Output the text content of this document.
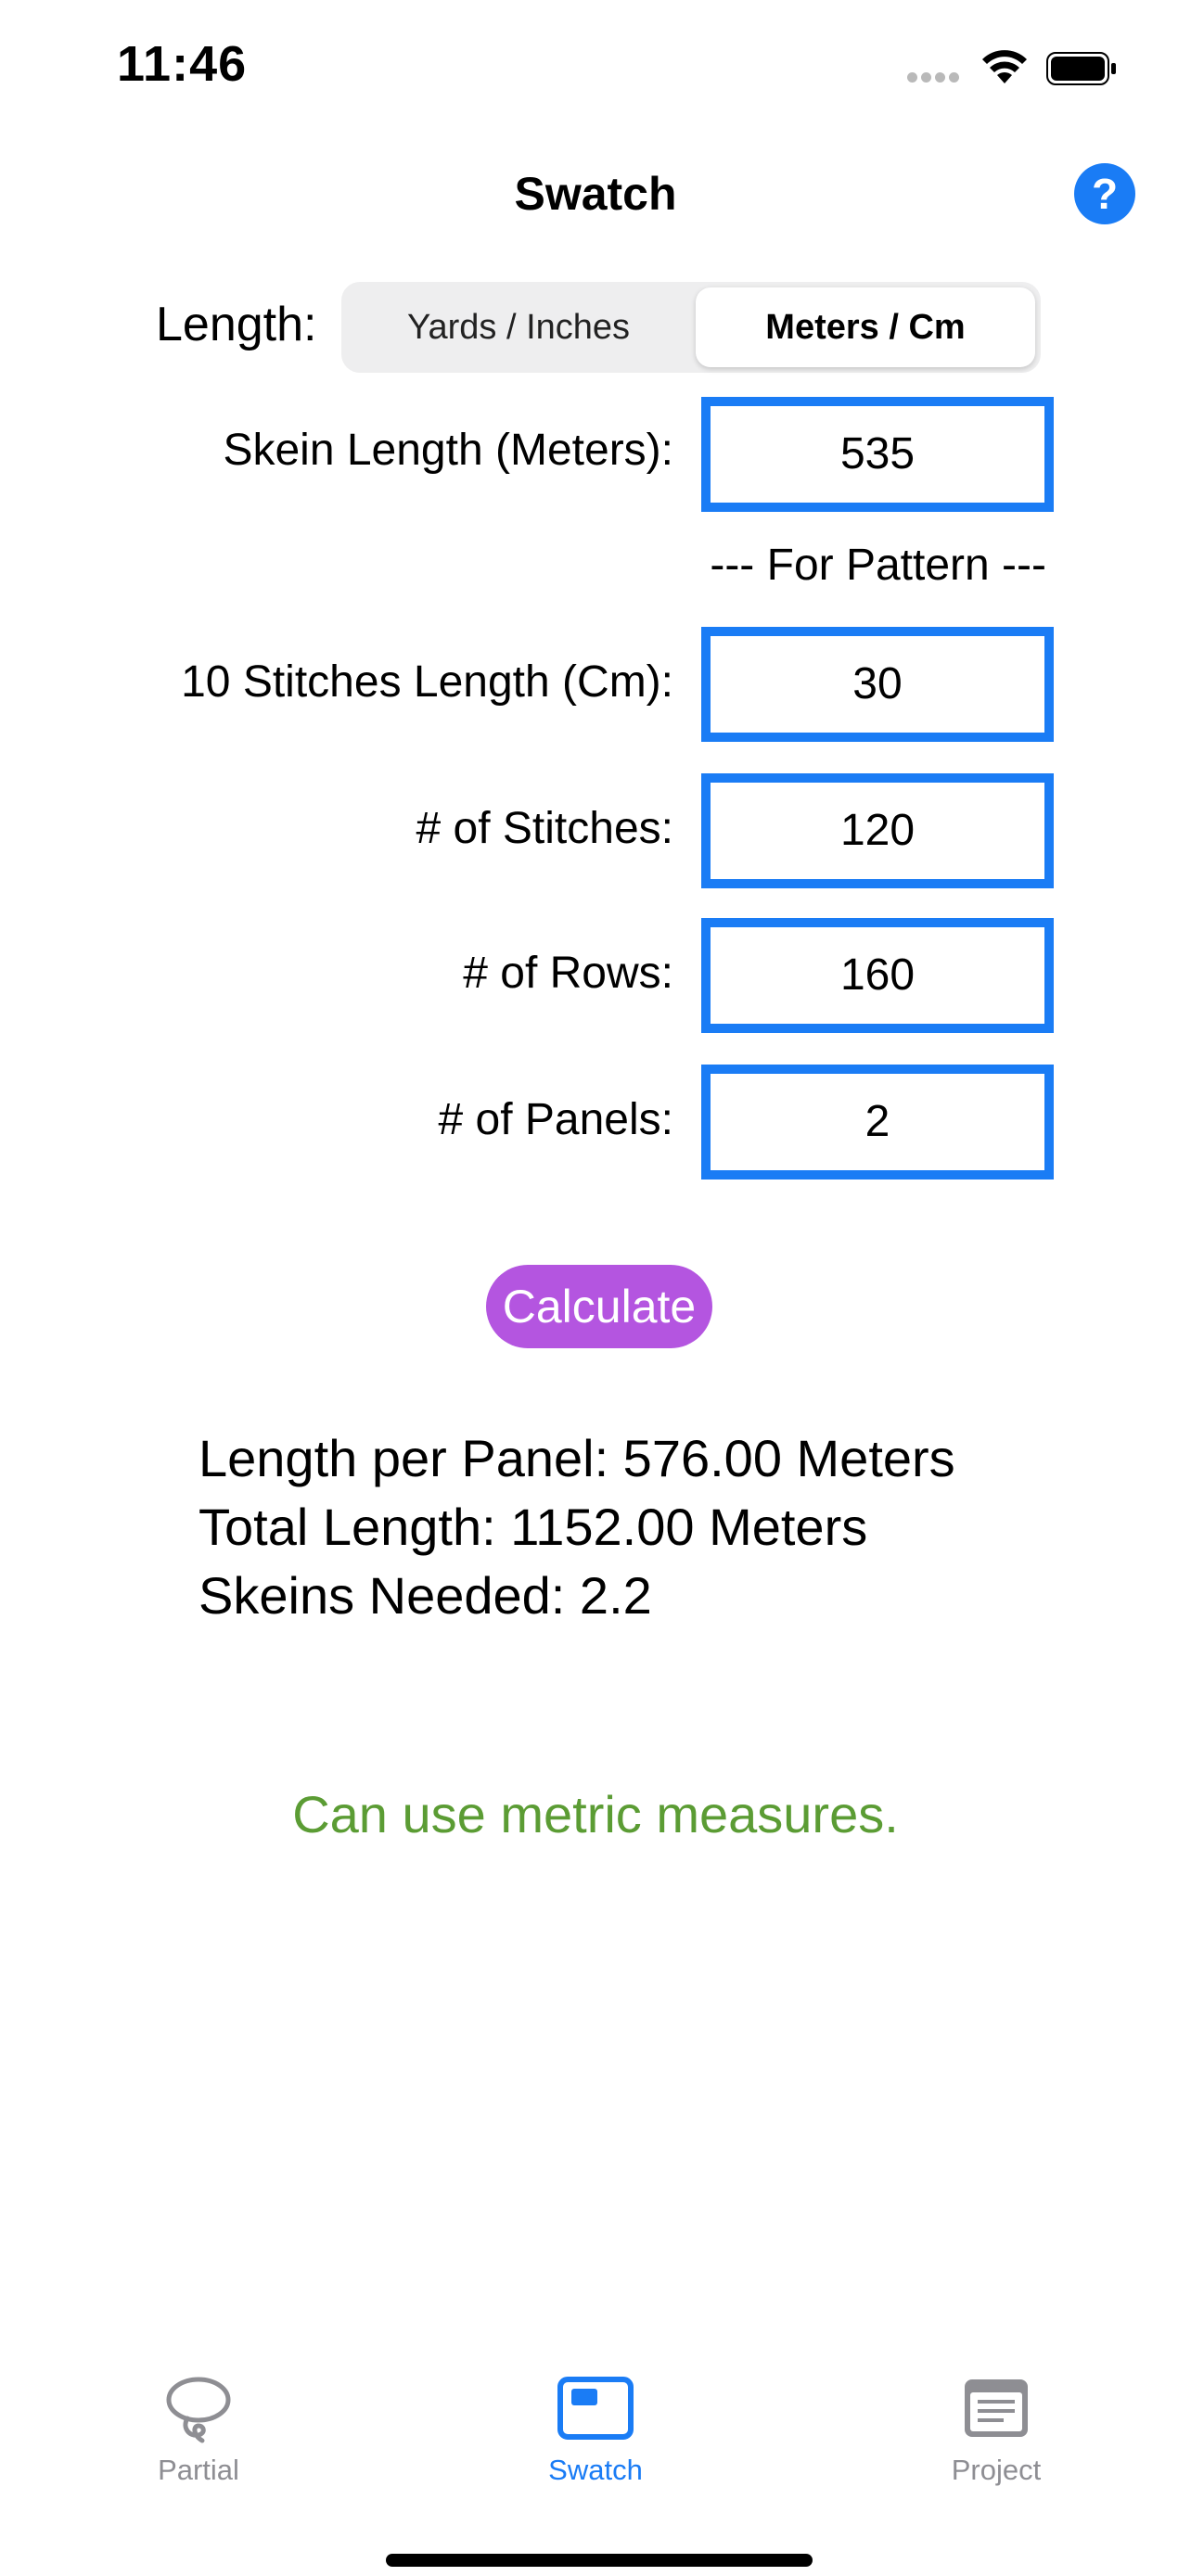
11:46
Swatch	?
Length:	Yards / Inches	Meters / Cm
Skein Length (Meters):	535
--- For Pattern ---
10 Stitches Length (Cm):	30
# of Stitches:	120
# of Rows:	160
# of Panels:	2
Calculate
Length per Panel: 576.00 Meters
Total Length: 1152.00 Meters
Skeins Needed: 2.2
Can use metric measures.
Partial	Swatch	Project
